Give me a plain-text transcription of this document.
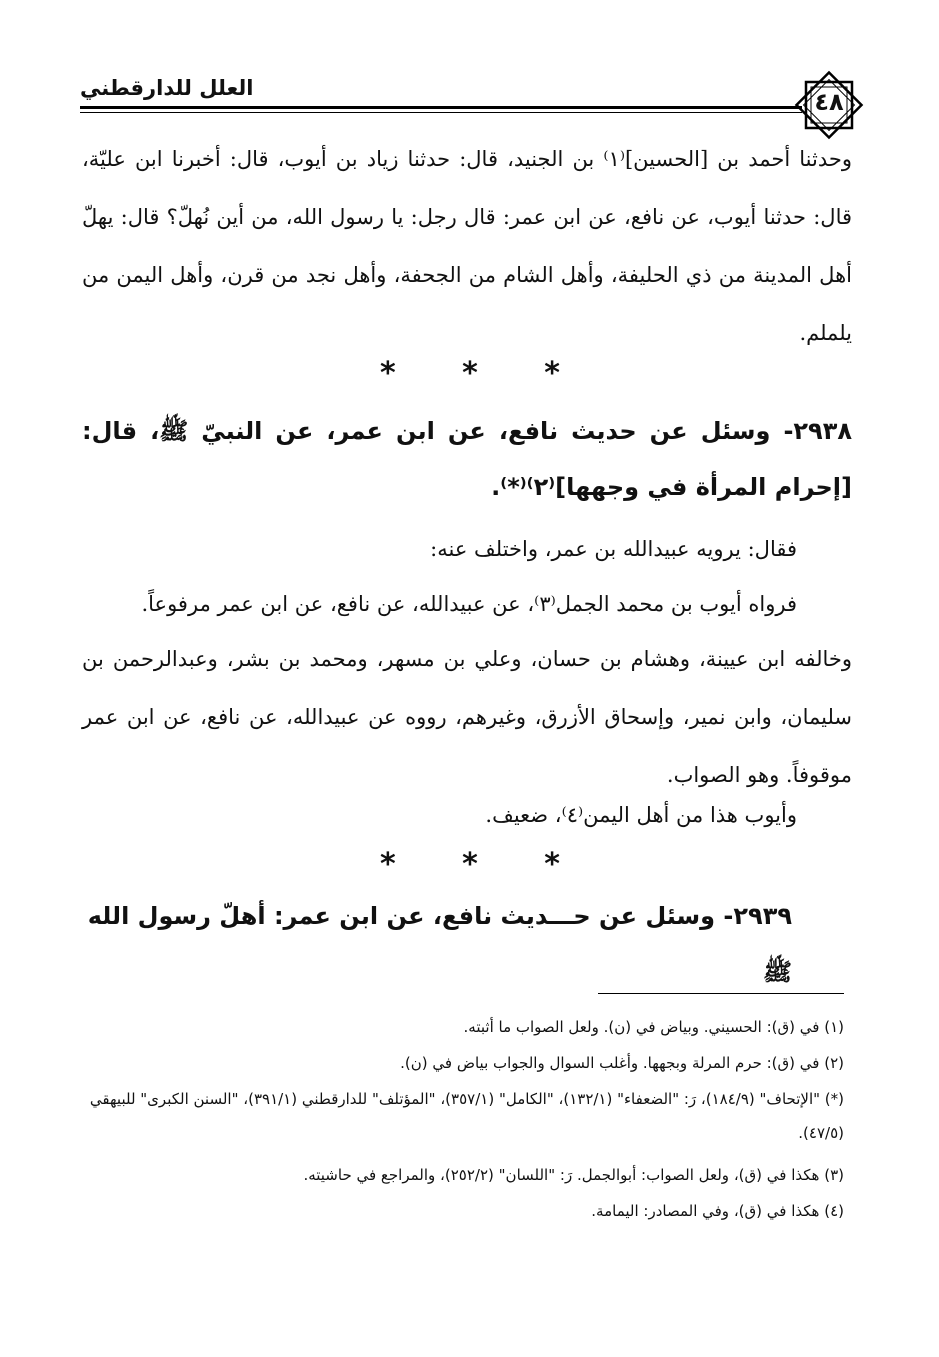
العلل للدارقطني	٤٨
وحدثنا أحمد بن [الحسين]⁽١⁾ بن الجنيد، قال: حدثنا زياد بن أيوب، قال: أخبرنا ابن عليّة، قال: حدثنا أيوب، عن نافع، عن ابن عمر: قال رجل: يا رسول الله، من أين نُهلّ؟ قال: يهلّ أهل المدينة من ذي الحليفة، وأهل الشام من الجحفة، وأهل نجد من قرن، وأهل اليمن من يلملم.
* * *
٢٩٣٨- وسئل عن حديث نافع، عن ابن عمر، عن النبيّ ﷺ، قال: [إحرام المرأة في وجهها]⁽٢⁾⁽*⁾.
فقال: يرويه عبيدالله بن عمر، واختلف عنه:
فرواه أيوب بن محمد الجمل⁽٣⁾، عن عبيدالله، عن نافع، عن ابن عمر مرفوعاً.
وخالفه ابن عيينة، وهشام بن حسان، وعلي بن مسهر، ومحمد بن بشر، وعبدالرحمن بن سليمان، وابن نمير، وإسحاق الأزرق، وغيرهم، رووه عن عبيدالله، عن نافع، عن ابن عمر موقوفاً. وهو الصواب.
وأيوب هذا من أهل اليمن⁽٤⁾، ضعيف.
* * *
٢٩٣٩- وسئل عن حـــديث نافع، عن ابن عمر: أهلّ رسول الله ﷺ
(١) في (ق): الحسيني. وبياض في (ن). ولعل الصواب ما أثبته.
(٢) في (ق): حرم المرلة وبجهها. وأغلب السوال والجواب بياض في (ن).
(*) "الإتحاف" (١٨٤/٩)، رَ: "الضعفاء" (١٣٢/١)، "الكامل" (٣٥٧/١)، "المؤتلف" للدارقطني (٣٩١/١)، "السنن الكبرى" للبيهقي (٤٧/٥).
(٣) هكذا في (ق)، ولعل الصواب: أبوالجمل. رَ: "اللسان" (٢٥٢/٢)، والمراجع في حاشيته.
(٤) هكذا في (ق)، وفي المصادر: اليمامة.
